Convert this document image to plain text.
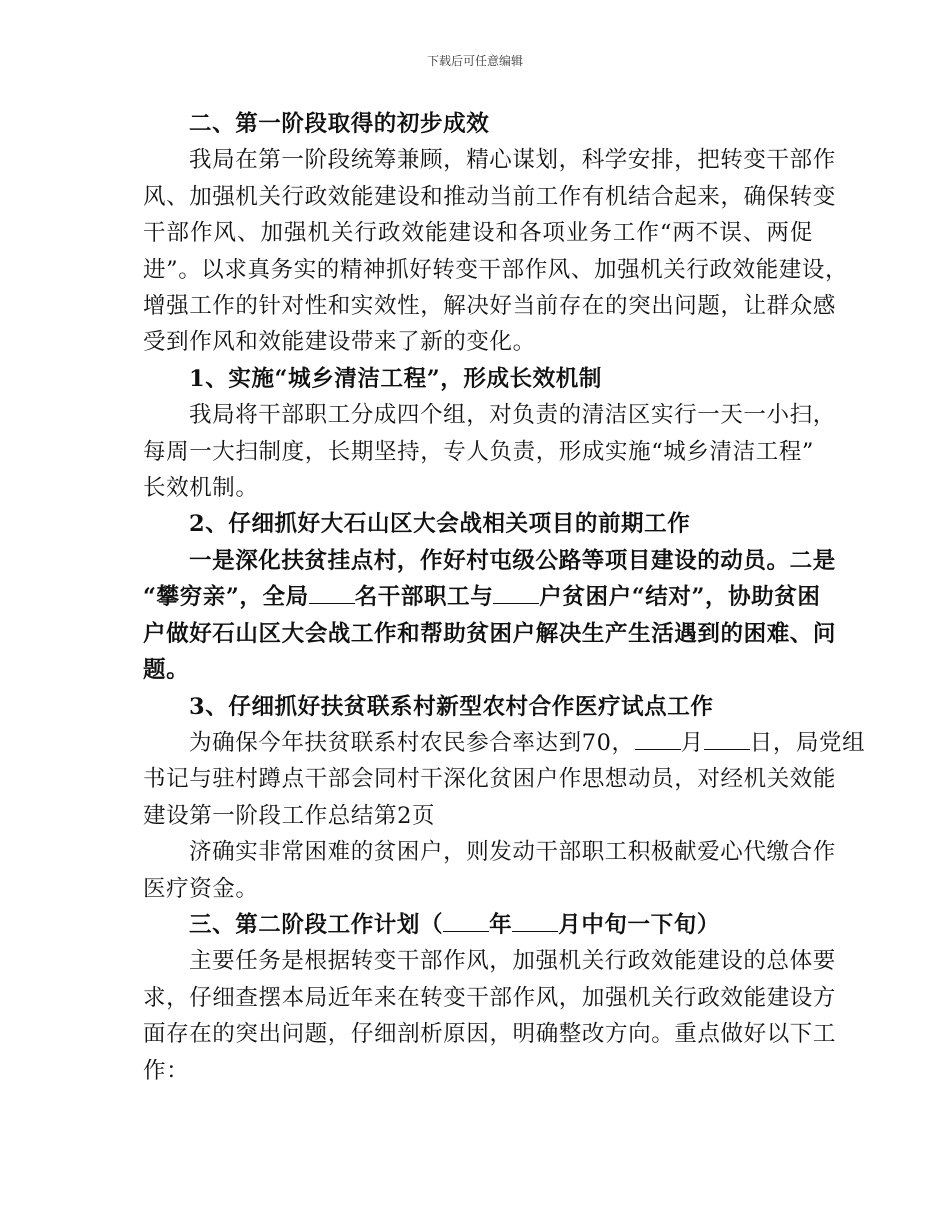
下载后可任意编辑
二、第一阶段取得的初步成效
我局在第一阶段统筹兼顾，精心谋划，科学安排，把转变干部作
风、加强机关行政效能建设和推动当前工作有机结合起来，确保转变
干部作风、加强机关行政效能建设和各项业务工作“两不误、两促
进”。以求真务实的精神抓好转变干部作风、加强机关行政效能建设，
增强工作的针对性和实效性，解决好当前存在的突出问题，让群众感
受到作风和效能建设带来了新的变化。
1、实施“城乡清洁工程”，形成长效机制
我局将干部职工分成四个组，对负责的清洁区实行一天一小扫，
每周一大扫制度，长期坚持，专人负责，形成实施“城乡清洁工程”
长效机制。
2、仔细抓好大石山区大会战相关项目的前期工作
一是深化扶贫挂点村，作好村屯级公路等项目建设的动员。二是
“攀穷亲”，全局 名干部职工与 户贫困户“结对”，协助贫困
户做好石山区大会战工作和帮助贫困户解决生产生活遇到的困难、问
题。
3、仔细抓好扶贫联系村新型农村合作医疗试点工作
为确保今年扶贫联系村农民参合率达到70， 月 日，局党组
书记与驻村蹲点干部会同村干深化贫困户作思想动员，对经机关效能
建设第一阶段工作总结第2页
济确实非常困难的贫困户，则发动干部职工积极献爱心代缴合作
医疗资金。
三、第二阶段工作计划（ 年 月中旬一下旬）
主要任务是根据转变干部作风，加强机关行政效能建设的总体要
求，仔细查摆本局近年来在转变干部作风，加强机关行政效能建设方
面存在的突出问题，仔细剖析原因，明确整改方向。重点做好以下工
作：
